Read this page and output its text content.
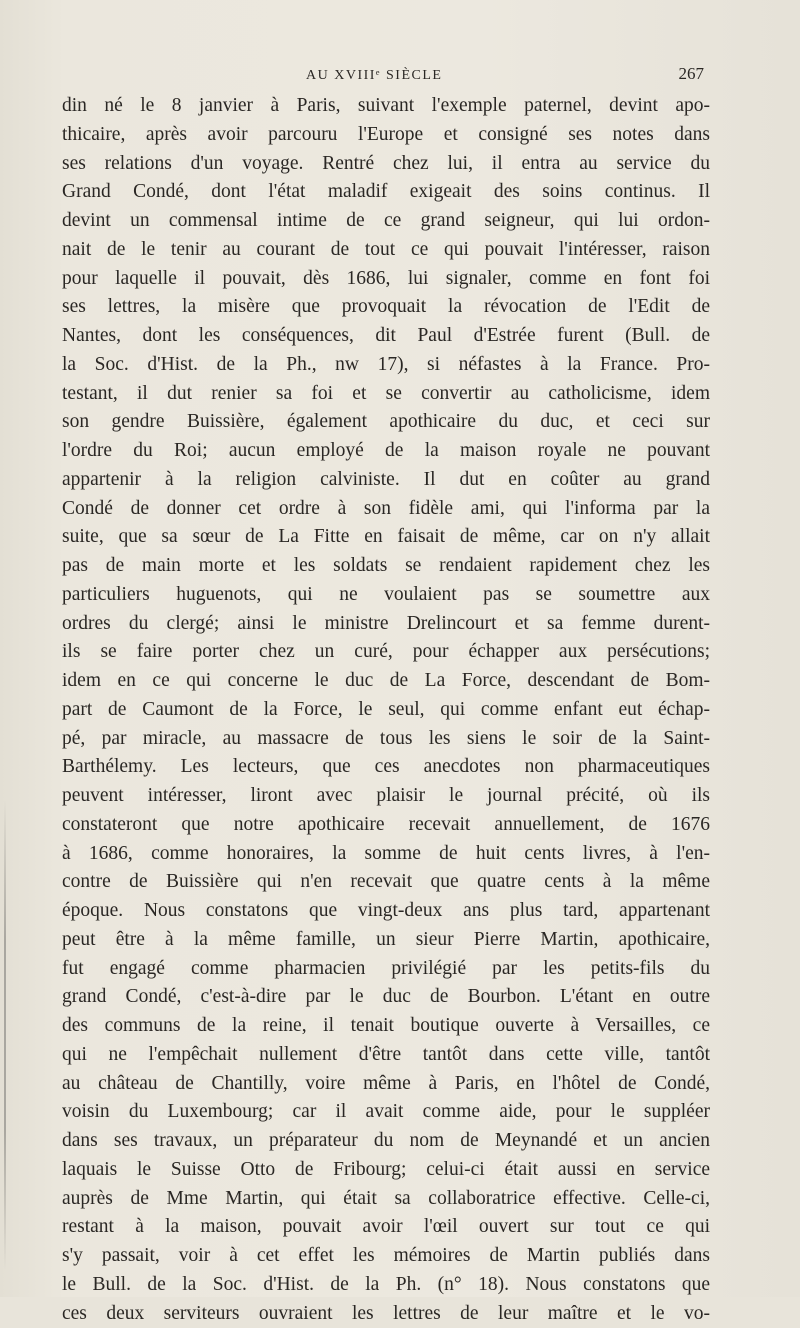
AU XVIIIᵉ SIÈCLE	267
din né le 8 janvier à Paris, suivant l'exemple paternel, devint apo-
thicaire, après avoir parcouru l'Europe et consigné ses notes dans
ses relations d'un voyage. Rentré chez lui, il entra au service du
Grand Condé, dont l'état maladif exigeait des soins continus. Il
devint un commensal intime de ce grand seigneur, qui lui ordon-
nait de le tenir au courant de tout ce qui pouvait l'intéresser, raison
pour laquelle il pouvait, dès 1686, lui signaler, comme en font foi
ses lettres, la misère que provoquait la révocation de l'Edit de
Nantes, dont les conséquences, dit Paul d'Estrée furent (Bull. de
la Soc. d'Hist. de la Ph., nw 17), si néfastes à la France. Pro-
testant, il dut renier sa foi et se convertir au catholicisme, idem
son gendre Buissière, également apothicaire du duc, et ceci sur
l'ordre du Roi; aucun employé de la maison royale ne pouvant
appartenir à la religion calviniste. Il dut en coûter au grand
Condé de donner cet ordre à son fidèle ami, qui l'informa par la
suite, que sa sœur de La Fitte en faisait de même, car on n'y allait
pas de main morte et les soldats se rendaient rapidement chez les
particuliers huguenots, qui ne voulaient pas se soumettre aux
ordres du clergé; ainsi le ministre Drelincourt et sa femme durent-
ils se faire porter chez un curé, pour échapper aux persécutions;
idem en ce qui concerne le duc de La Force, descendant de Bom-
part de Caumont de la Force, le seul, qui comme enfant eut échap-
pé, par miracle, au massacre de tous les siens le soir de la Saint-
Barthélemy. Les lecteurs, que ces anecdotes non pharmaceutiques
peuvent intéresser, liront avec plaisir le journal précité, où ils
constateront que notre apothicaire recevait annuellement, de 1676
à 1686, comme honoraires, la somme de huit cents livres, à l'en-
contre de Buissière qui n'en recevait que quatre cents à la même
époque. Nous constatons que vingt-deux ans plus tard, appartenant
peut être à la même famille, un sieur Pierre Martin, apothicaire,
fut engagé comme pharmacien privilégié par les petits-fils du
grand Condé, c'est-à-dire par le duc de Bourbon. L'étant en outre
des communs de la reine, il tenait boutique ouverte à Versailles, ce
qui ne l'empêchait nullement d'être tantôt dans cette ville, tantôt
au château de Chantilly, voire même à Paris, en l'hôtel de Condé,
voisin du Luxembourg; car il avait comme aide, pour le suppléer
dans ses travaux, un préparateur du nom de Meynandé et un ancien
laquais le Suisse Otto de Fribourg; celui-ci était aussi en service
auprès de Mme Martin, qui était sa collaboratrice effective. Celle-ci,
restant à la maison, pouvait avoir l'œil ouvert sur tout ce qui
s'y passait, voir à cet effet les mémoires de Martin publiés dans
le Bull. de la Soc. d'Hist. de la Ph. (n° 18). Nous constatons que
ces deux serviteurs ouvraient les lettres de leur maître et le vo-
